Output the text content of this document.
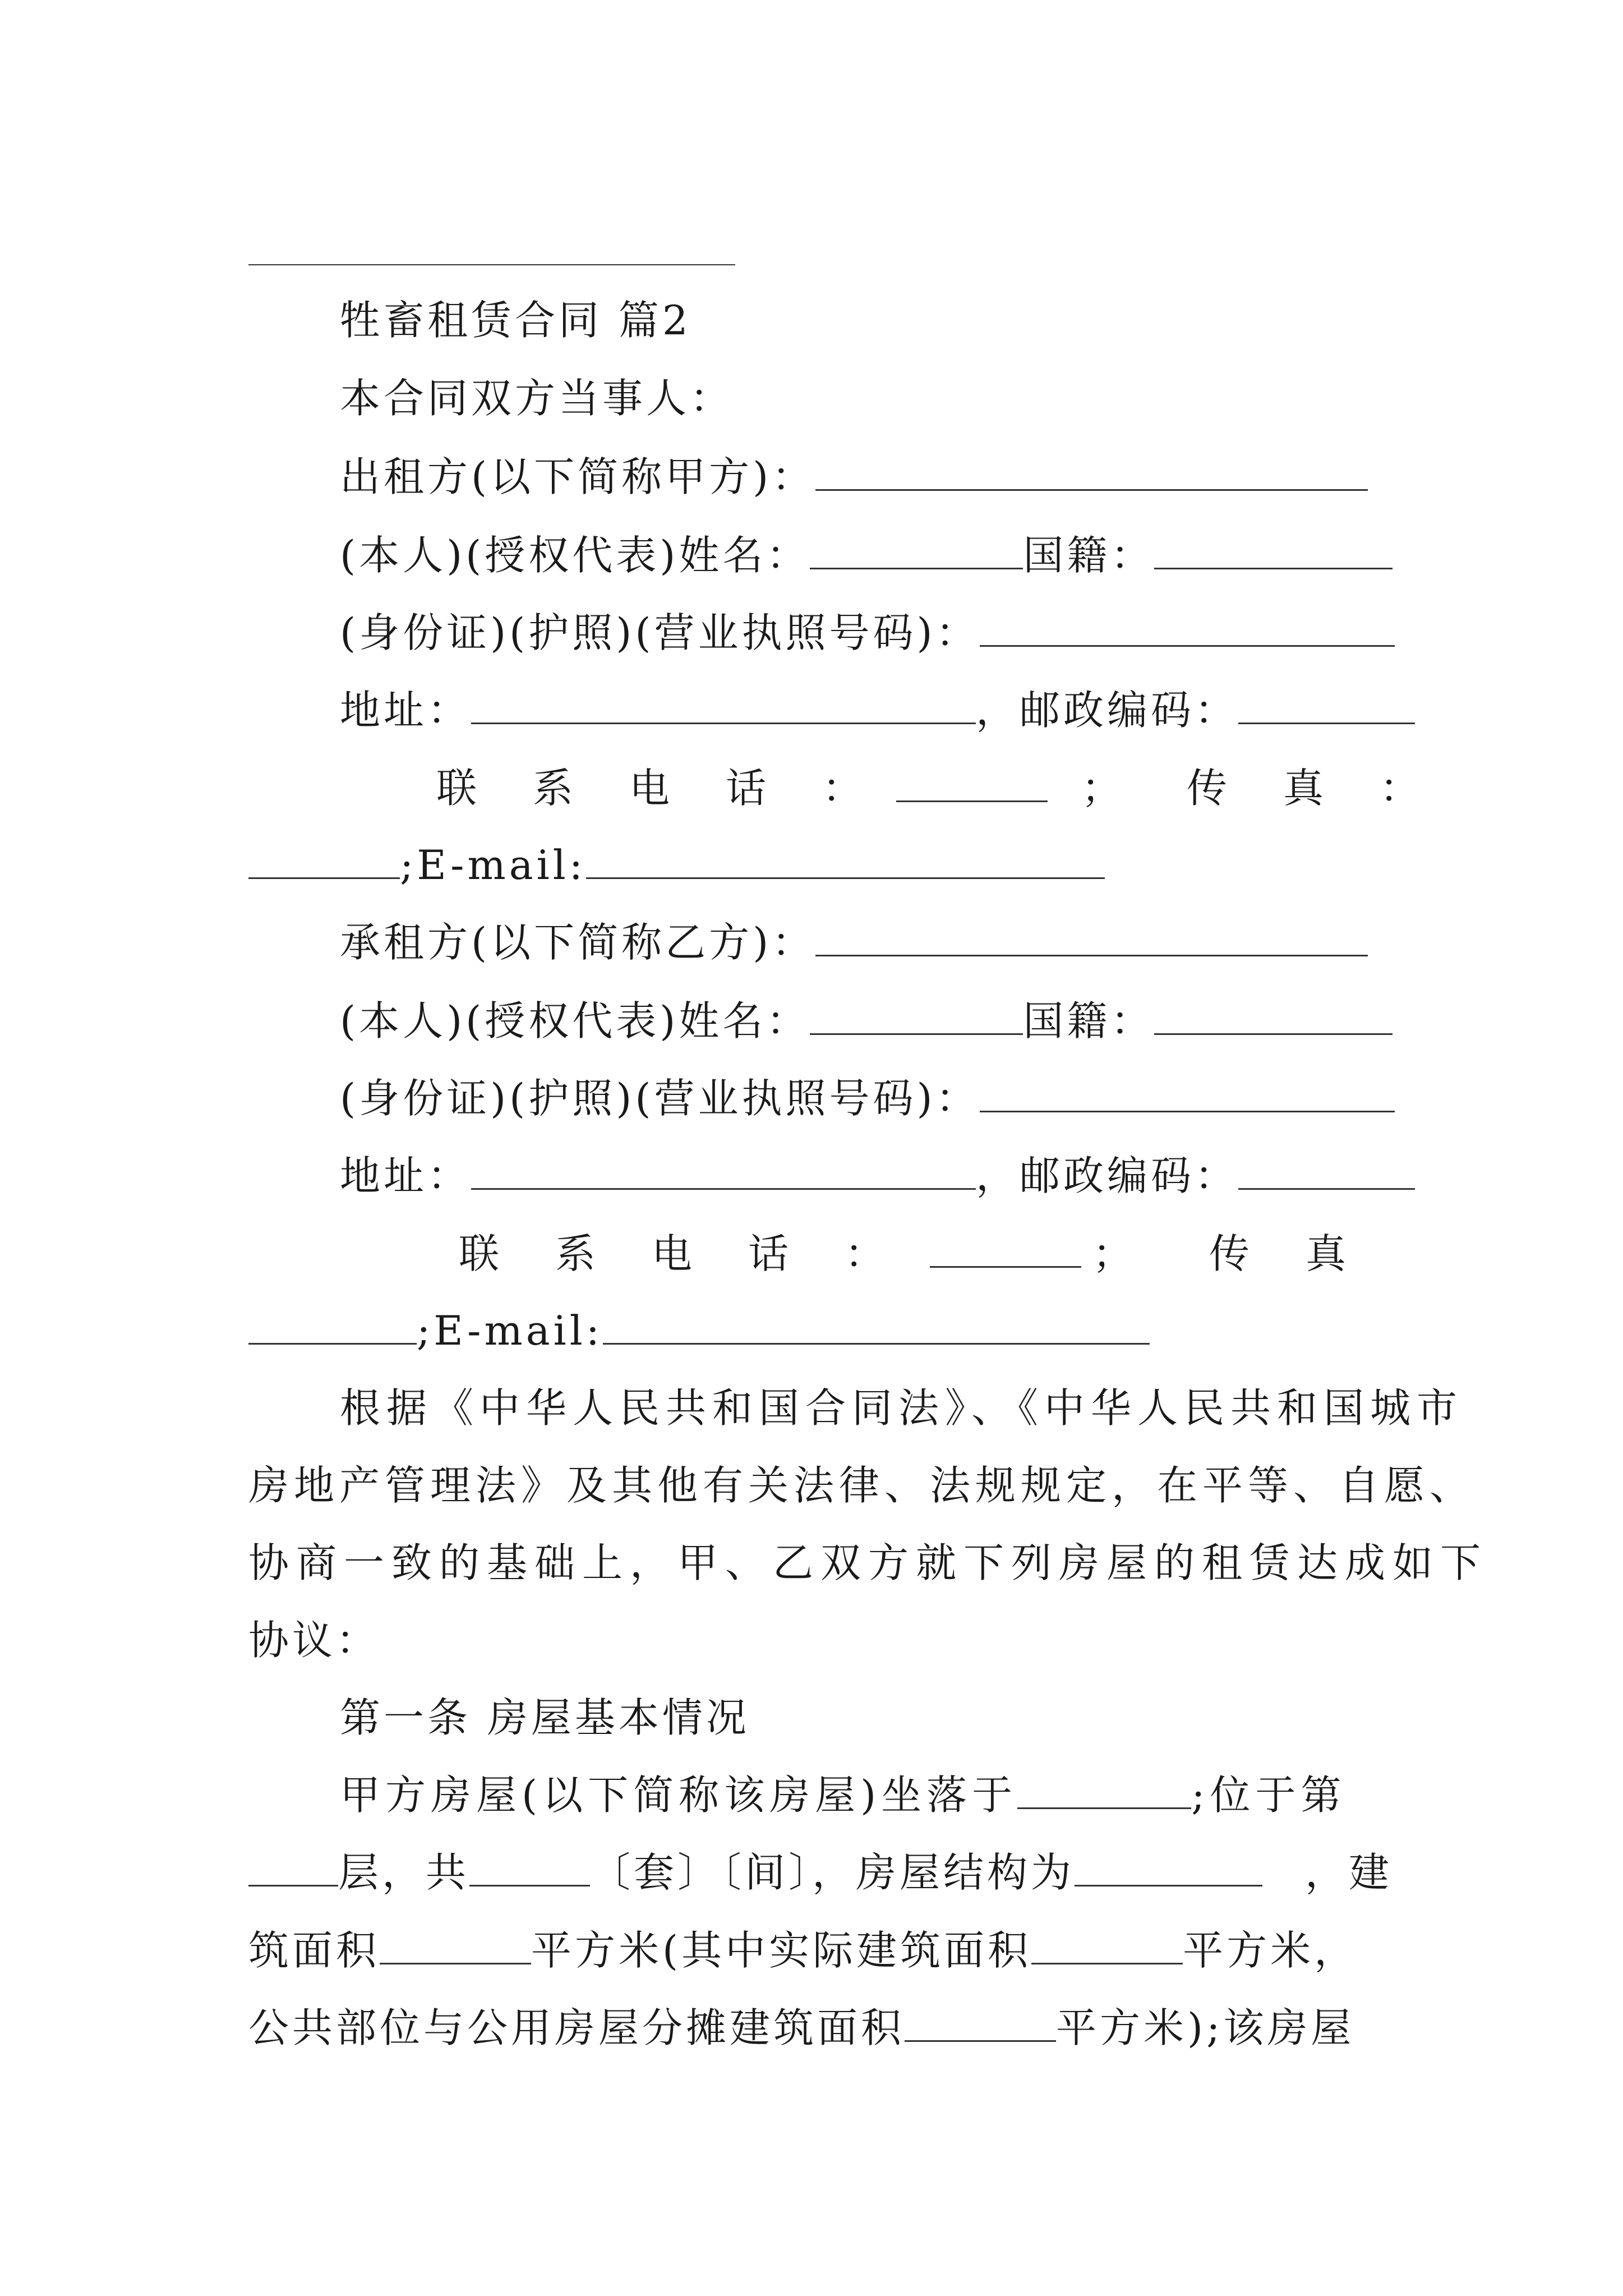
牲畜租赁合同 篇2
本合同双方当事人：
出租方(以下简称甲方)：
(本人)(授权代表)姓名：	国籍：
(身份证)(护照)(营业执照号码)：
地址：	，邮政编码：
联系电话：	； 传真：
;E-mail:
承租方(以下简称乙方)：
(本人)(授权代表)姓名：	国籍：
(身份证)(护照)(营业执照号码)：
地址：	，邮政编码：
联系电话：	； 传真
;E-mail:
根据《中华人民共和国合同法》、《中华人民共和国城市
房地产管理法》及其他有关法律、法规规定，在平等、自愿、
协商一致的基础上，甲、乙双方就下列房屋的租赁达成如下
协议：
第一条 房屋基本情况
甲方房屋(以下简称该房屋)坐落于	;位于第
层，共	〔套〕〔间〕，房屋结构为	，建
筑面积	平方米(其中实际建筑面积	平方米，
公共部位与公用房屋分摊建筑面积	平方米);该房屋
